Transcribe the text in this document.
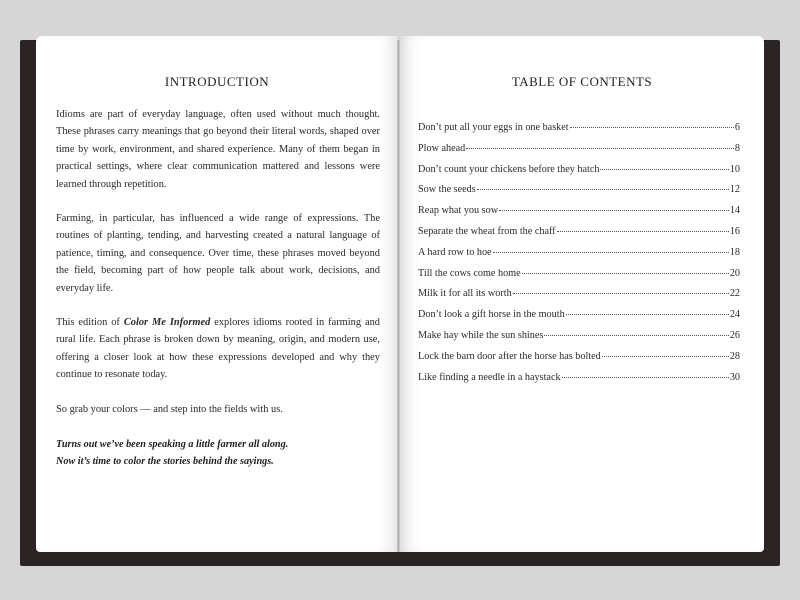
INTRODUCTION

Idioms are part of everyday language, often used without much thought. These phrases carry meanings that go beyond their literal words, shaped over time by work, environment, and shared experience. Many of them began in practical settings, where clear communication mattered and lessons were learned through repetition.

Farming, in particular, has influenced a wide range of expressions. The routines of planting, tending, and harvesting created a natural language of patience, timing, and consequence. Over time, these phrases moved beyond the field, becoming part of how people talk about work, decisions, and everyday life.

This edition of Color Me Informed explores idioms rooted in farming and rural life. Each phrase is broken down by meaning, origin, and modern use, offering a closer look at how these expressions developed and why they continue to resonate today.

So grab your colors — and step into the fields with us.

Turns out we’ve been speaking a little farmer all along.

Now it’s time to color the stories behind the sayings.

TABLE OF CONTENTS
Don’t put all your eggs in one basket	6
Plow ahead	8
Don’t count your chickens before they hatch	10
Sow the seeds	12
Reap what you sow	14
Separate the wheat from the chaff	16
A hard row to hoe	18
Till the cows come home	20
Milk it for all its worth	22
Don’t look a gift horse in the mouth	24
Make hay while the sun shines	26
Lock the barn door after the horse has bolted	28
Like finding a needle in a haystack	30
